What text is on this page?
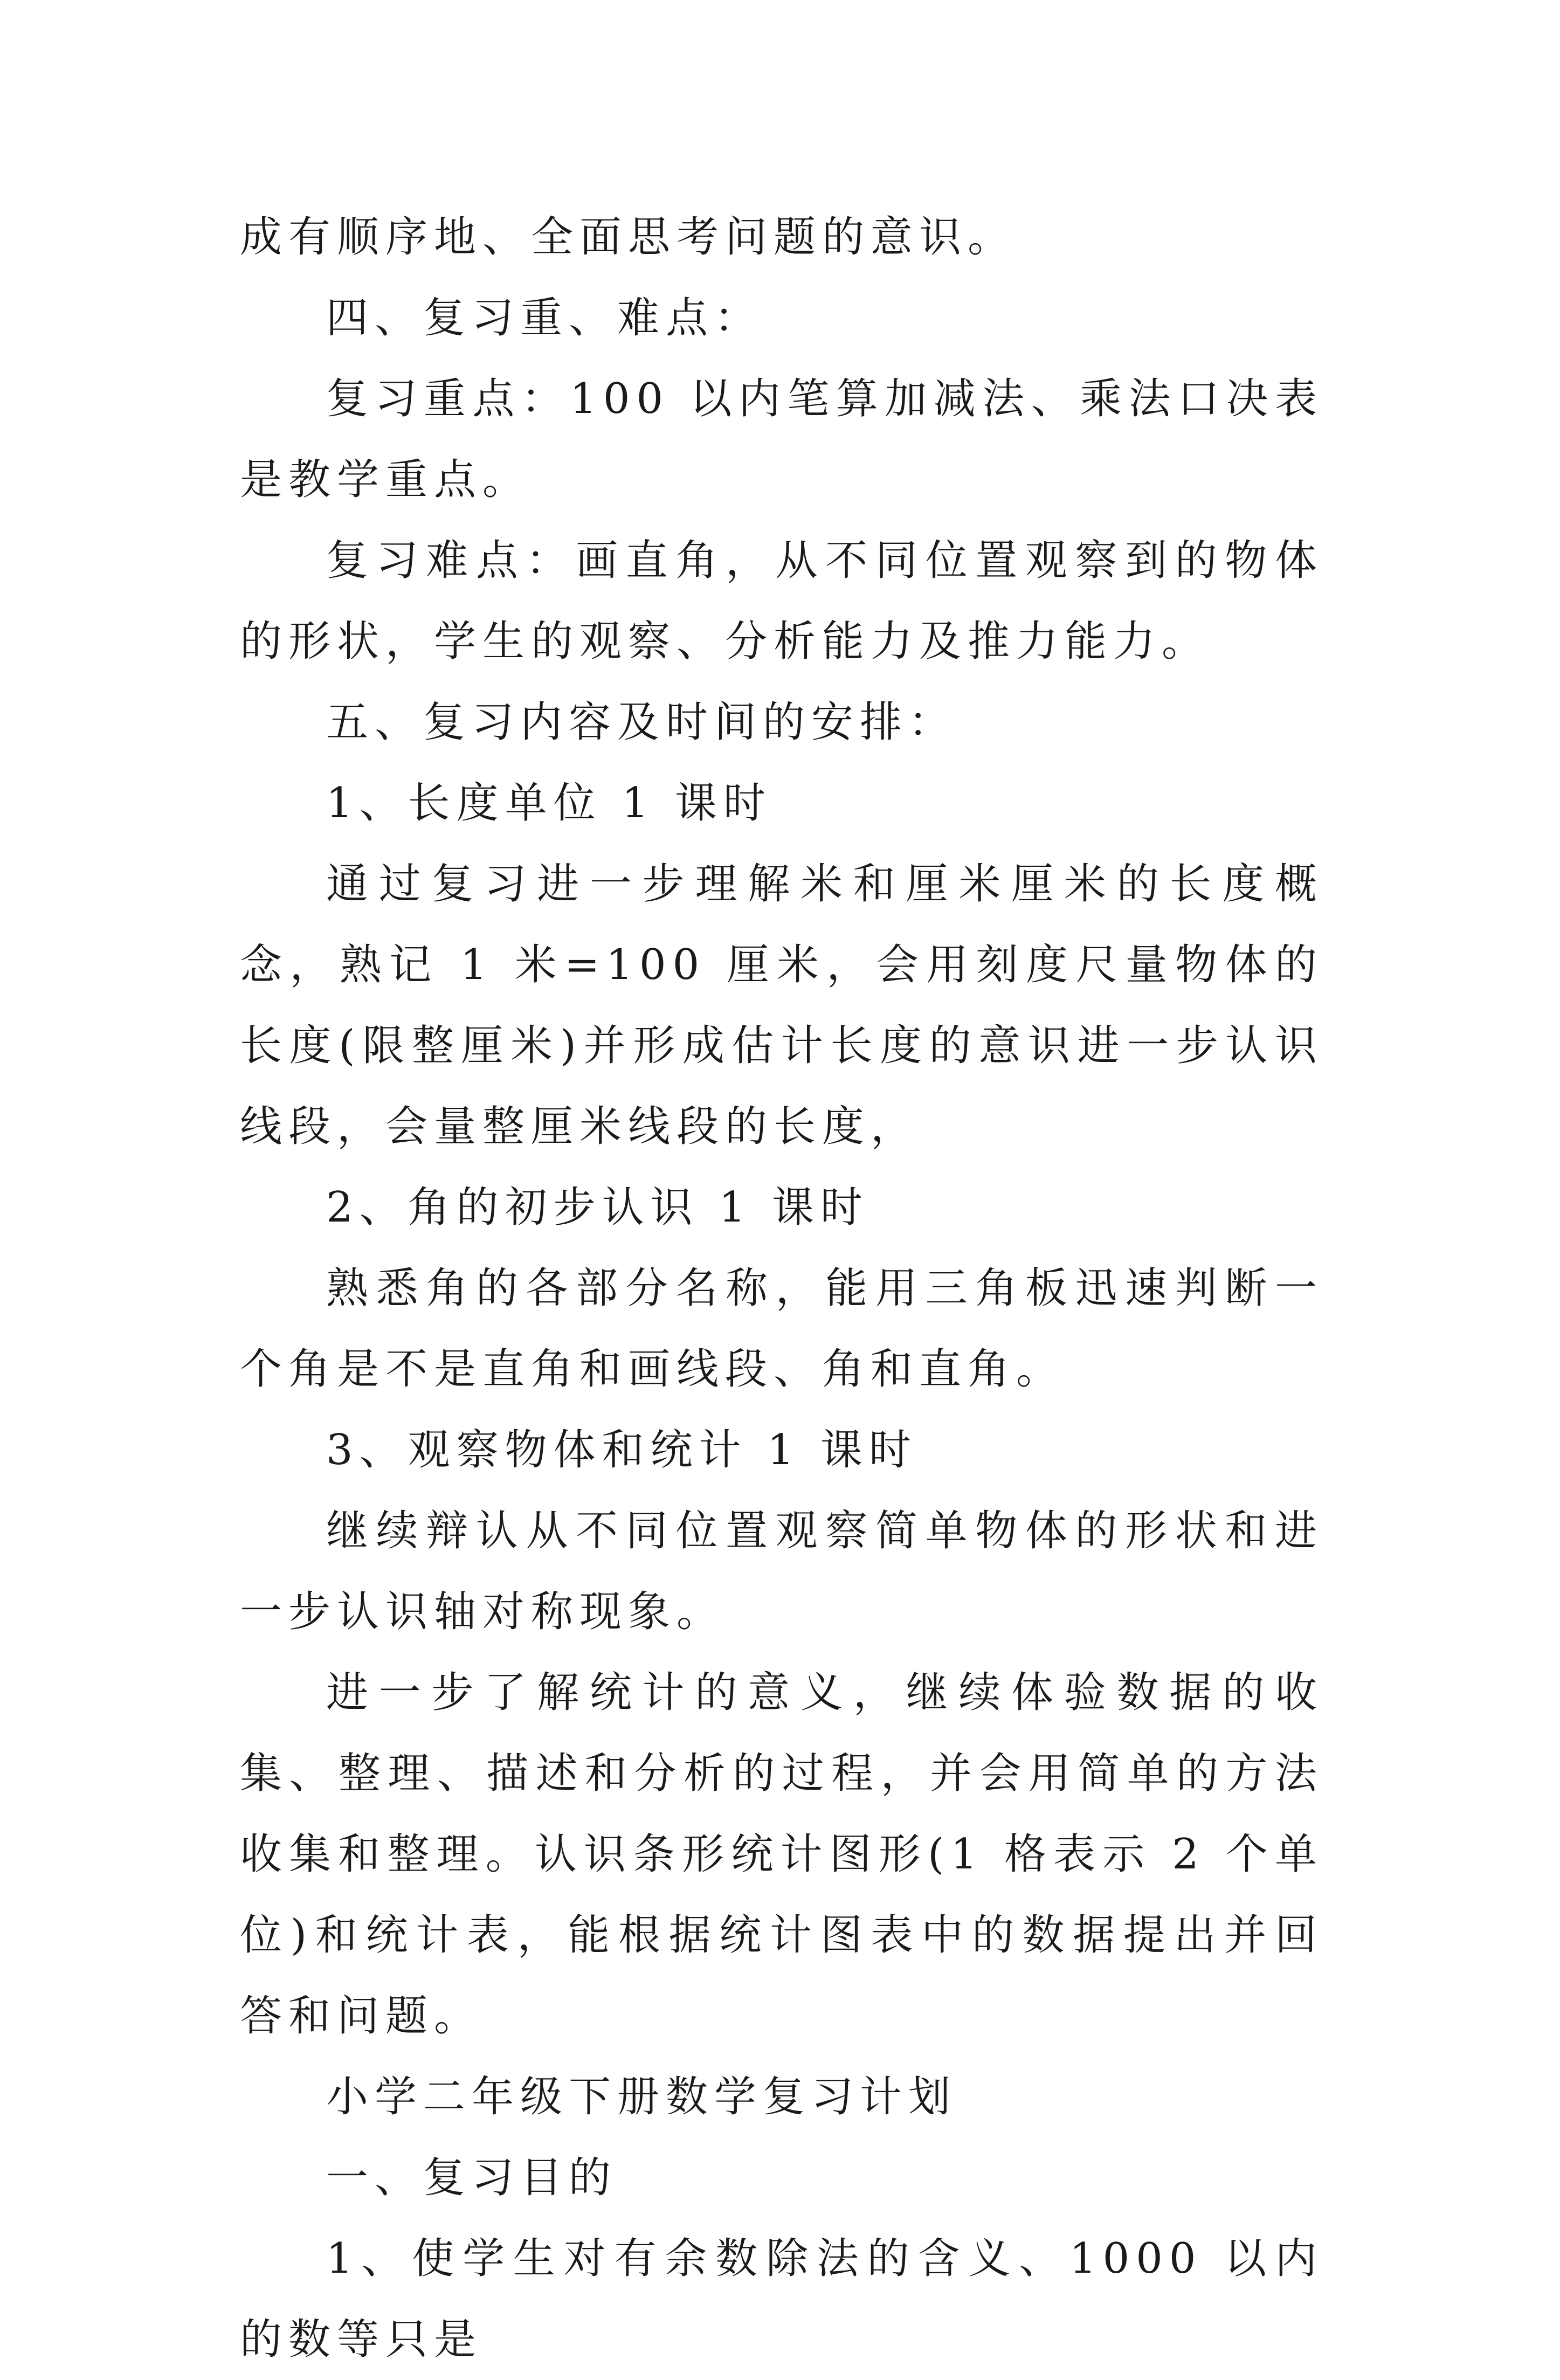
成有顺序地、全面思考问题的意识。

四、复习重、难点：

复习重点：100 以内笔算加减法、乘法口决表是教学重点。

复习难点：画直角，从不同位置观察到的物体的形状，学生的观察、分析能力及推力能力。

五、复习内容及时间的安排：

1、长度单位 1 课时

通过复习进一步理解米和厘米厘米的长度概念，熟记 1 米=100 厘米，会用刻度尺量物体的长度(限整厘米)并形成估计长度的意识进一步认识线段，会量整厘米线段的长度，

2、角的初步认识 1 课时

熟悉角的各部分名称，能用三角板迅速判断一个角是不是直角和画线段、角和直角。

3、观察物体和统计 1 课时

继续辩认从不同位置观察简单物体的形状和进一步认识轴对称现象。

进一步了解统计的意义，继续体验数据的收集、整理、描述和分析的过程，并会用简单的方法收集和整理。认识条形统计图形(1 格表示 2 个单位)和统计表，能根据统计图表中的数据提出并回答和问题。

小学二年级下册数学复习计划

一、复习目的

1、使学生对有余数除法的含义、1000 以内的数等只是
